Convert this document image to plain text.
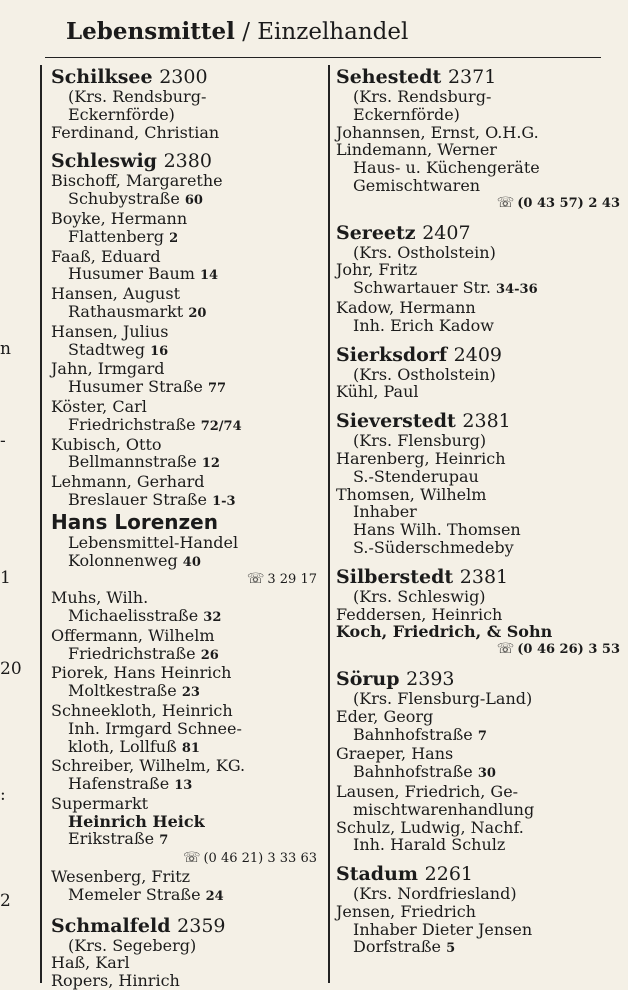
Lebensmittel / Einzelhandel
n
-
1
20
:
2
Schilksee 2300
(Krs. Rendsburg-
Eckernförde)
Ferdinand, Christian
Schleswig 2380
Bischoff, Margarethe
Schubystraße 60
Boyke, Hermann
Flattenberg 2
Faaß, Eduard
Husumer Baum 14
Hansen, August
Rathausmarkt 20
Hansen, Julius
Stadtweg 16
Jahn, Irmgard
Husumer Straße 77
Köster, Carl
Friedrichstraße 72/74
Kubisch, Otto
Bellmannstraße 12
Lehmann, Gerhard
Breslauer Straße 1-3
Hans Lorenzen
Lebensmittel-Handel
Kolonnenweg 40
☏ 3 29 17
Muhs, Wilh.
Michaelisstraße 32
Offermann, Wilhelm
Friedrichstraße 26
Piorek, Hans Heinrich
Moltkestraße 23
Schneekloth, Heinrich
Inh. Irmgard Schnee-
kloth, Lollfuß 81
Schreiber, Wilhelm, KG.
Hafenstraße 13
Supermarkt
Heinrich Heick
Erikstraße 7
☏ (0 46 21) 3 33 63
Wesenberg, Fritz
Memeler Straße 24
Schmalfeld 2359
(Krs. Segeberg)
Haß, Karl
Ropers, Hinrich
Sehestedt 2371
(Krs. Rendsburg-
Eckernförde)
Johannsen, Ernst, O.H.G.
Lindemann, Werner
Haus- u. Küchengeräte
Gemischtwaren
☏ (0 43 57) 2 43
Sereetz 2407
(Krs. Ostholstein)
Johr, Fritz
Schwartauer Str. 34-36
Kadow, Hermann
Inh. Erich Kadow
Sierksdorf 2409
(Krs. Ostholstein)
Kühl, Paul
Sieverstedt 2381
(Krs. Flensburg)
Harenberg, Heinrich
S.-Stenderupau
Thomsen, Wilhelm
Inhaber
Hans Wilh. Thomsen
S.-Süderschmedeby
Silberstedt 2381
(Krs. Schleswig)
Feddersen, Heinrich
Koch, Friedrich, & Sohn
☏ (0 46 26) 3 53
Sörup 2393
(Krs. Flensburg-Land)
Eder, Georg
Bahnhofstraße 7
Graeper, Hans
Bahnhofstraße 30
Lausen, Friedrich, Ge-
mischtwarenhandlung
Schulz, Ludwig, Nachf.
Inh. Harald Schulz
Stadum 2261
(Krs. Nordfriesland)
Jensen, Friedrich
Inhaber Dieter Jensen
Dorfstraße 5
